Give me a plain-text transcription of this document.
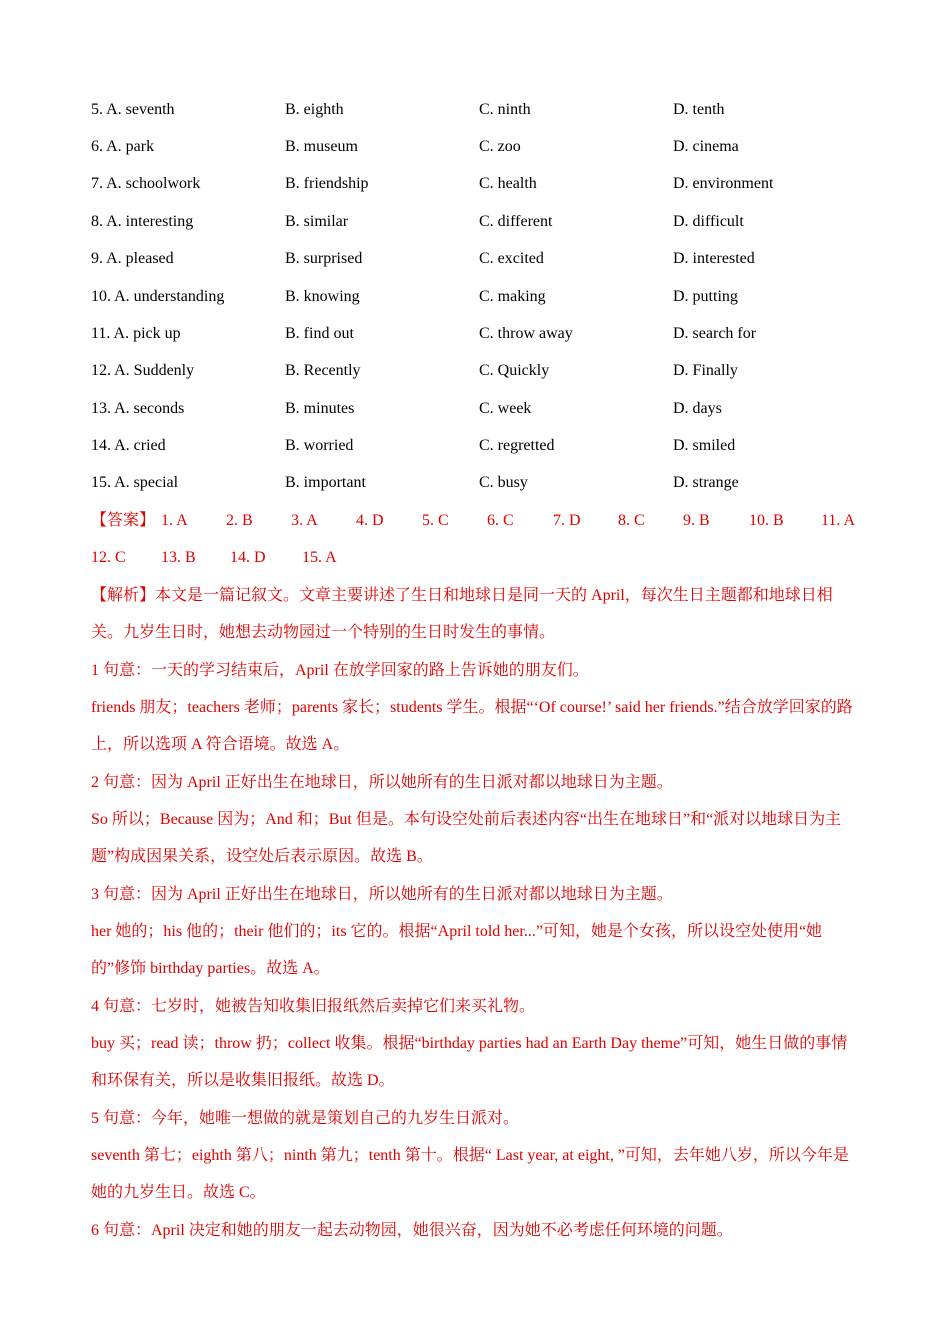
5. A. seventh	B. eighth	C. ninth	D. tenth
6. A. park	B. museum	C. zoo	D. cinema
7. A. schoolwork	B. friendship	C. health	D. environment
8. A. interesting	B. similar	C. different	D. difficult
9. A. pleased	B. surprised	C. excited	D. interested
10. A. understanding	B. knowing	C. making	D. putting
11. A. pick up	B. find out	C. throw away	D. search for
12. A. Suddenly	B. Recently	C. Quickly	D. Finally
13. A. seconds	B. minutes	C. week	D. days
14. A. cried	B. worried	C. regretted	D. smiled
15. A. special	B. important	C. busy	D. strange
【答案】 1. A 2. B 3. A 4. D 5. C 6. C 7. D 8. C 9. B 10. B 11. A
12. C 13. B 14. D 15. A
【解析】本文是一篇记叙文。文章主要讲述了生日和地球日是同一天的 April，每次生日主题都和地球日相关。九岁生日时，她想去动物园过一个特别的生日时发生的事情。
1 句意：一天的学习结束后，April 在放学回家的路上告诉她的朋友们。
friends 朋友；teachers 老师；parents 家长；students 学生。根据“‘Of course!’ said her friends.”结合放学回家的路上，所以选项 A 符合语境。故选 A。
2 句意：因为 April 正好出生在地球日，所以她所有的生日派对都以地球日为主题。
So 所以；Because 因为；And 和；But 但是。本句设空处前后表述内容“出生在地球日”和“派对以地球日为主题”构成因果关系，设空处后表示原因。故选 B。
3 句意：因为 April 正好出生在地球日，所以她所有的生日派对都以地球日为主题。
her 她的；his 他的；their 他们的；its 它的。根据“April told her...”可知，她是个女孩，所以设空处使用“她的”修饰 birthday parties。故选 A。
4 句意：七岁时，她被告知收集旧报纸然后卖掉它们来买礼物。
buy 买；read 读；throw 扔；collect 收集。根据“birthday parties had an Earth Day theme”可知，她生日做的事情和环保有关，所以是收集旧报纸。故选 D。
5 句意：今年，她唯一想做的就是策划自己的九岁生日派对。
seventh 第七；eighth 第八；ninth 第九；tenth 第十。根据“ Last year, at eight, ”可知，去年她八岁，所以今年是她的九岁生日。故选 C。
6 句意：April 决定和她的朋友一起去动物园，她很兴奋，因为她不必考虑任何环境的问题。
